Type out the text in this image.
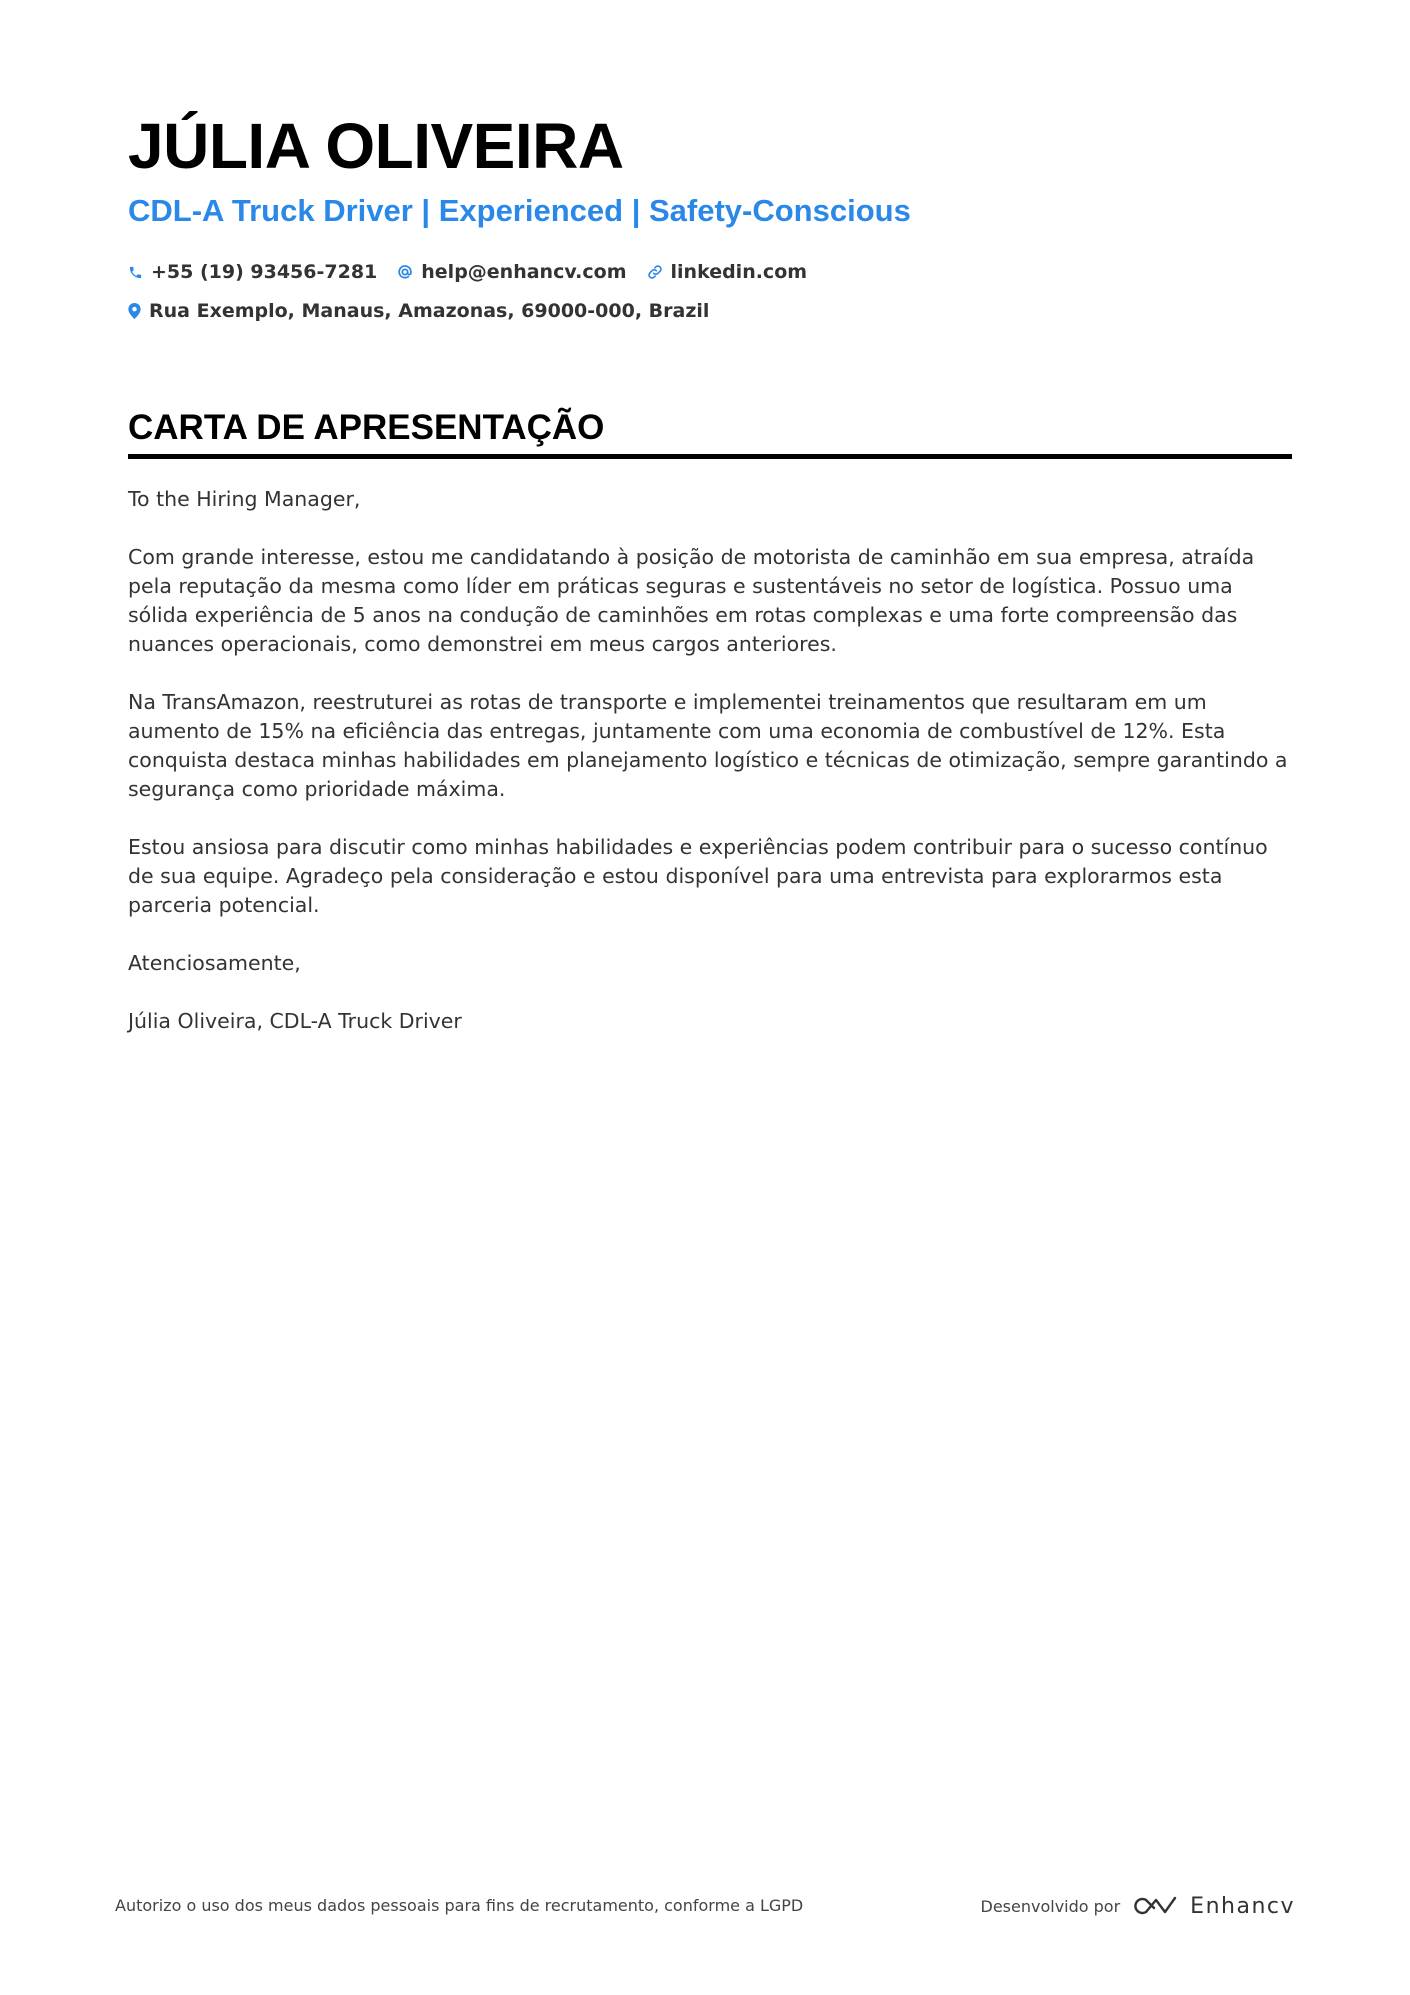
JÚLIA OLIVEIRA
CDL-A Truck Driver | Experienced | Safety-Conscious
+55 (19) 93456-7281 help@enhancv.com linkedin.com
Rua Exemplo, Manaus, Amazonas, 69000-000, Brazil
CARTA DE APRESENTAÇÃO

To the Hiring Manager,

Com grande interesse, estou me candidatando à posição de motorista de caminhão em sua empresa, atraída pela reputação da mesma como líder em práticas seguras e sustentáveis no setor de logística. Possuo uma sólida experiência de 5 anos na condução de caminhões em rotas complexas e uma forte compreensão das nuances operacionais, como demonstrei em meus cargos anteriores.

Na TransAmazon, reestruturei as rotas de transporte e implementei treinamentos que resultaram em um aumento de 15% na eficiência das entregas, juntamente com uma economia de combustível de 12%. Esta conquista destaca minhas habilidades em planejamento logístico e técnicas de otimização, sempre garantindo a segurança como prioridade máxima.

Estou ansiosa para discutir como minhas habilidades e experiências podem contribuir para o sucesso contínuo de sua equipe. Agradeço pela consideração e estou disponível para uma entrevista para explorarmos esta parceria potencial.

Atenciosamente,

Júlia Oliveira, CDL-A Truck Driver

Autorizo o uso dos meus dados pessoais para fins de recrutamento, conforme a LGPD	Desenvolvido por	Enhancv
